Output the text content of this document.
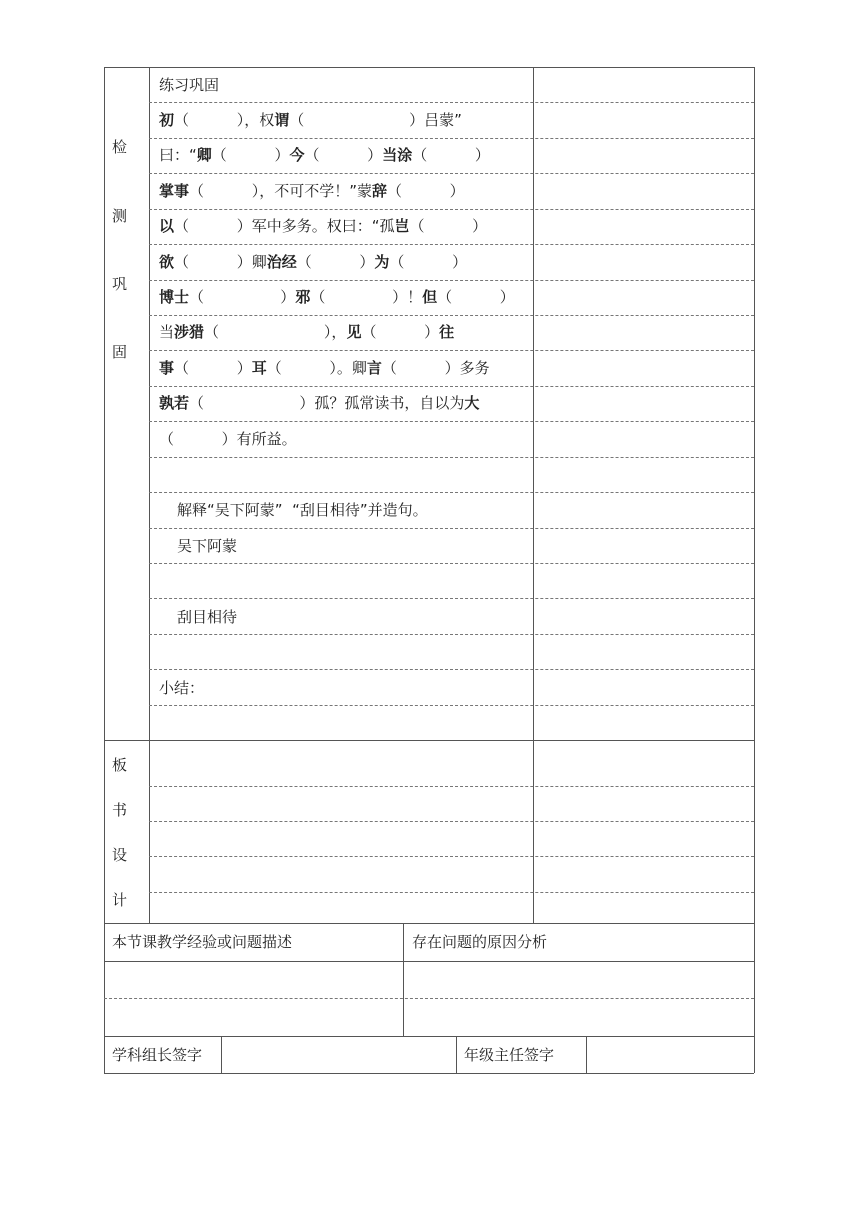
检
测
巩
固
板
书
设
计
练习巩固
初（          ），权谓（                      ）吕蒙”
曰：“卿（          ）今（          ）当涂（          ）
掌事（          ），不可不学！”蒙辞（          ）
以（          ）军中多务。权曰：“孤岂（          ）
欲（          ）卿治经（          ）为（          ）
博士（                ）邪（              ）！但（          ）
当涉猎（                      ），见（          ）往
事（          ）耳（          ）。卿言（          ）多务
孰若（                    ）孤？孤常读书，自以为大
（          ）有所益。
解释“吴下阿蒙”  “刮目相待”并造句。
吴下阿蒙
刮目相待
小结：
本节课教学经验或问题描述	存在问题的原因分析
学科组长签字	年级主任签字
